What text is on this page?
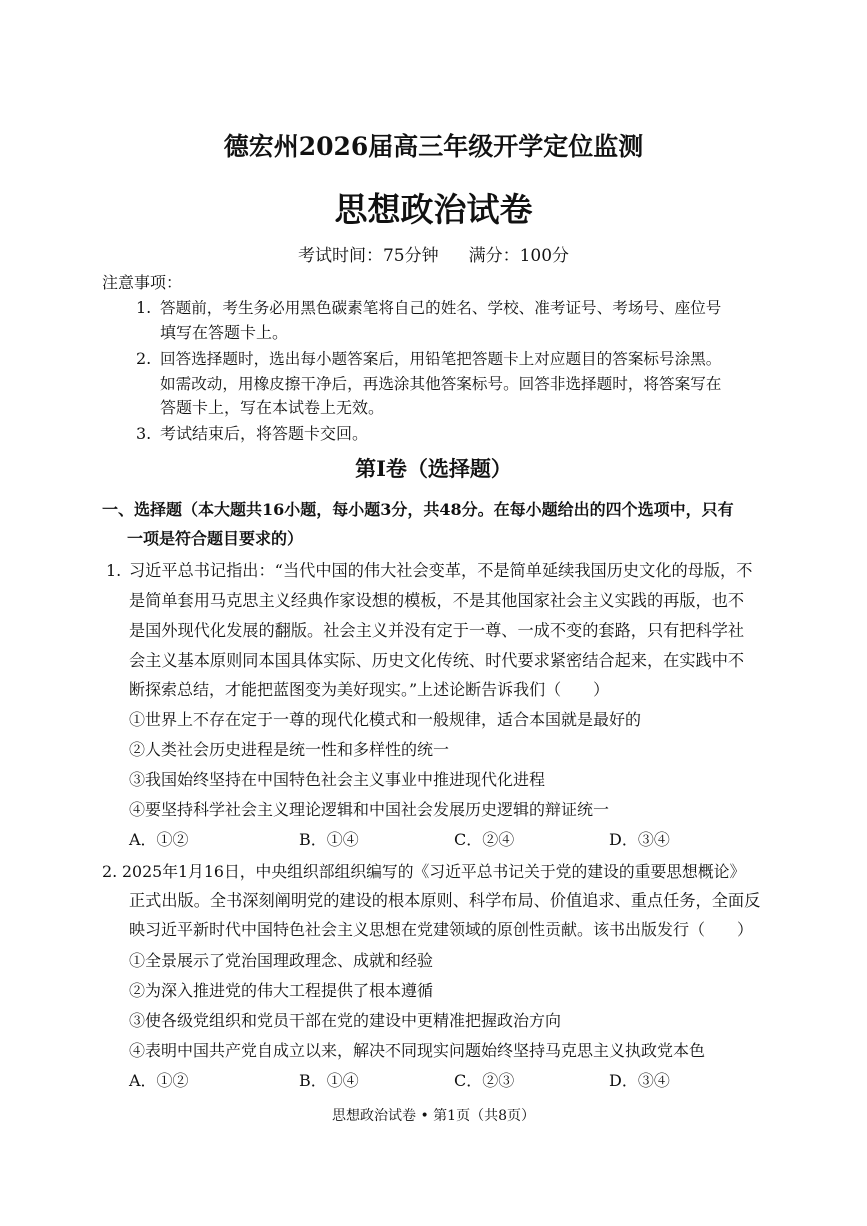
德宏州2026届高三年级开学定位监测
思想政治试卷
考试时间：75分钟 满分：100分
注意事项：
1. 答题前，考生务必用黑色碳素笔将自己的姓名、学校、准考证号、考场号、座位号
填写在答题卡上。
2. 回答选择题时，选出每小题答案后，用铅笔把答题卡上对应题目的答案标号涂黑。
如需改动，用橡皮擦干净后，再选涂其他答案标号。回答非选择题时，将答案写在
答题卡上，写在本试卷上无效。
3. 考试结束后，将答题卡交回。
第Ⅰ卷（选择题）
一、选择题（本大题共16小题，每小题3分，共48分。在每小题给出的四个选项中，只有
一项是符合题目要求的）
1. 习近平总书记指出：“当代中国的伟大社会变革，不是简单延续我国历史文化的母版，不
是简单套用马克思主义经典作家设想的模板，不是其他国家社会主义实践的再版，也不
是国外现代化发展的翻版。社会主义并没有定于一尊、一成不变的套路，只有把科学社
会主义基本原则同本国具体实际、历史文化传统、时代要求紧密结合起来，在实践中不
断探索总结，才能把蓝图变为美好现实。”上述论断告诉我们（　　）
①世界上不存在定于一尊的现代化模式和一般规律，适合本国就是最好的
②人类社会历史进程是统一性和多样性的统一
③我国始终坚持在中国特色社会主义事业中推进现代化进程
④要坚持科学社会主义理论逻辑和中国社会发展历史逻辑的辩证统一
A．①②	B．①④	C．②④	D．③④
2. 2025年1月16日，中央组织部组织编写的《习近平总书记关于党的建设的重要思想概论》
正式出版。全书深刻阐明党的建设的根本原则、科学布局、价值追求、重点任务，全面反
映习近平新时代中国特色社会主义思想在党建领域的原创性贡献。该书出版发行（　　）
①全景展示了党治国理政理念、成就和经验
②为深入推进党的伟大工程提供了根本遵循
③使各级党组织和党员干部在党的建设中更精准把握政治方向
④表明中国共产党自成立以来，解决不同现实问题始终坚持马克思主义执政党本色
A．①②	B．①④	C．②③	D．③④
思想政治试卷 • 第1页（共8页）
